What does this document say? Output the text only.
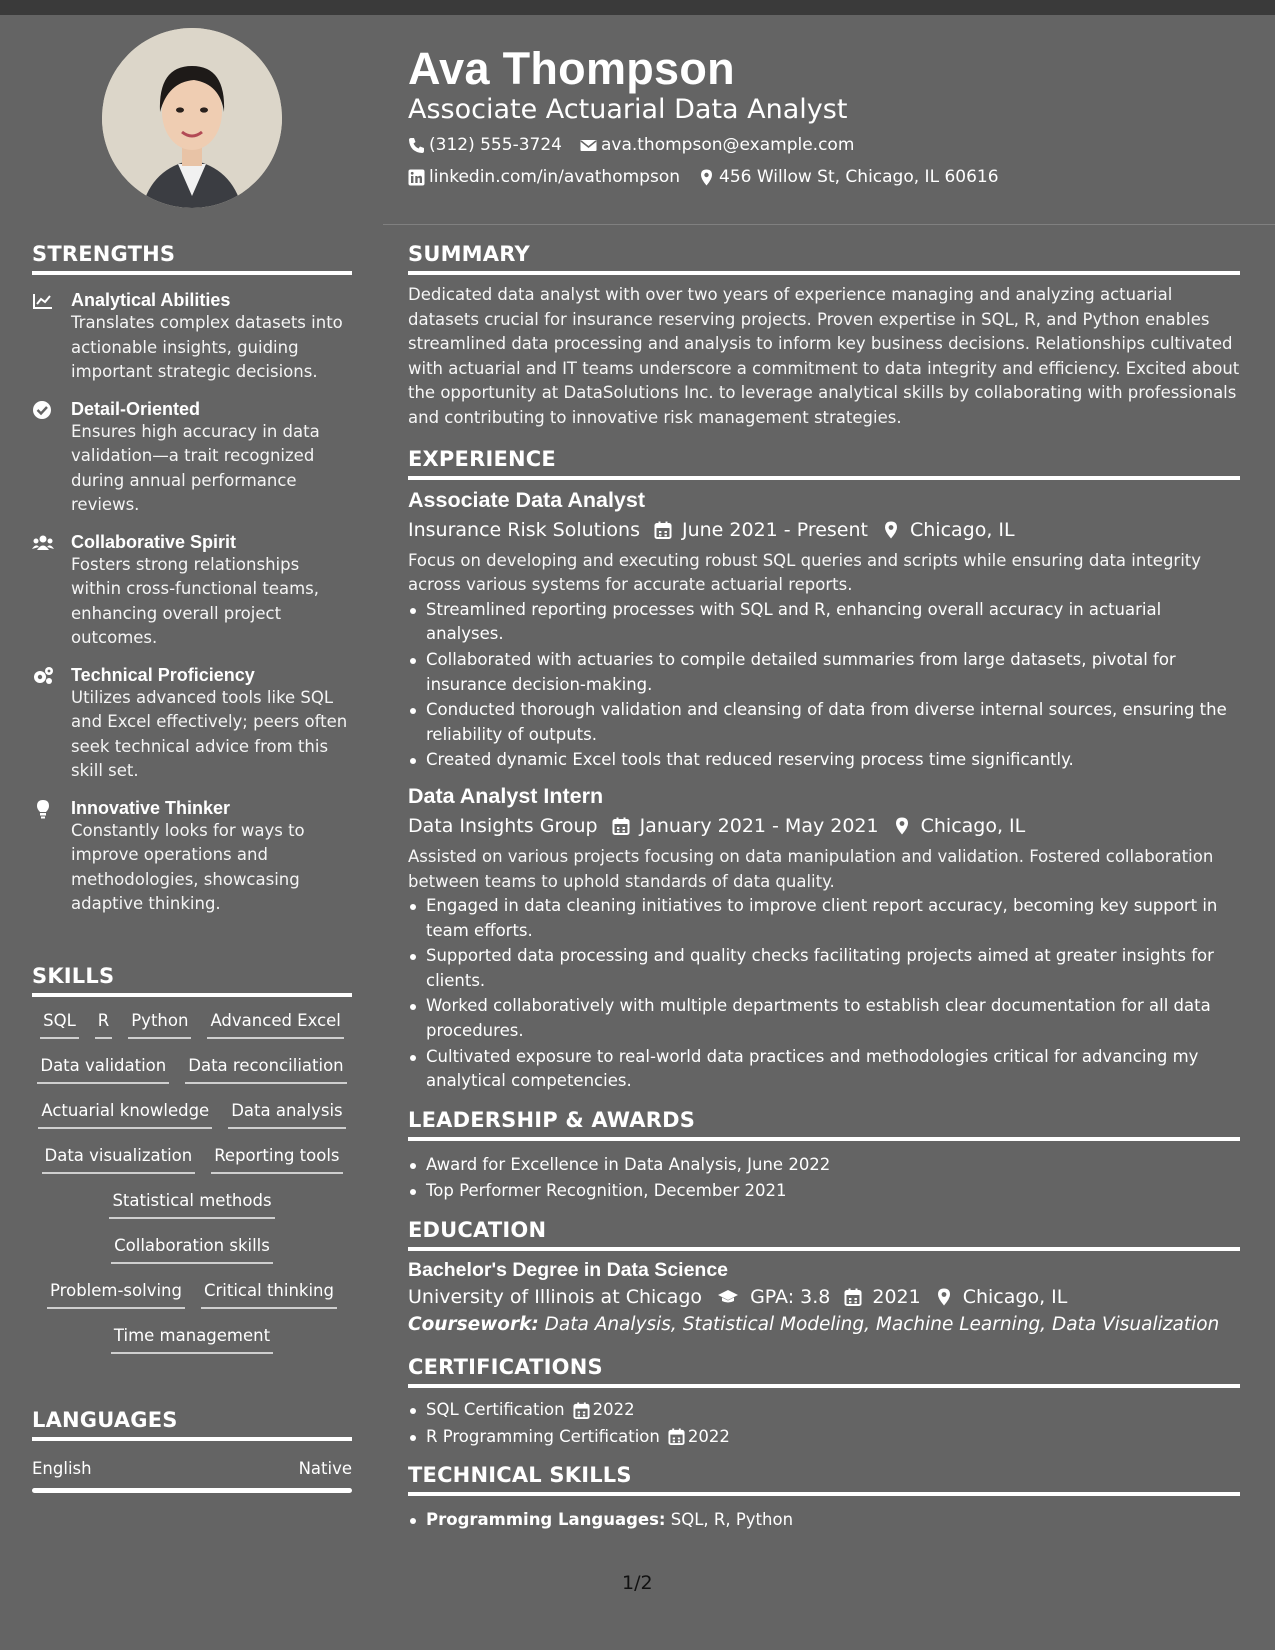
STRENGTHS
Analytical Abilities
Translates complex datasets into actionable insights, guiding important strategic decisions.
Detail-Oriented
Ensures high accuracy in data validation—a trait recognized during annual performance reviews.
Collaborative Spirit
Fosters strong relationships within cross-functional teams, enhancing overall project outcomes.
Technical Proficiency
Utilizes advanced tools like SQL and Excel effectively; peers often seek technical advice from this skill set.
Innovative Thinker
Constantly looks for ways to improve operations and methodologies, showcasing adaptive thinking.
SKILLS
SQL R Python Advanced Excel
Data validation Data reconciliation
Actuarial knowledge Data analysis
Data visualization Reporting tools
Statistical methods
Collaboration skills
Problem-solving Critical thinking
Time management
LANGUAGES
English	Native
Ava Thompson
Associate Actuarial Data Analyst
(312) 555-3724 ava.thompson@example.com
linkedin.com/in/avathompson 456 Willow St, Chicago, IL 60616
SUMMARY
Dedicated data analyst with over two years of experience managing and analyzing actuarial datasets crucial for insurance reserving projects. Proven expertise in SQL, R, and Python enables streamlined data processing and analysis to inform key business decisions. Relationships cultivated with actuarial and IT teams underscore a commitment to data integrity and efficiency. Excited about the opportunity at DataSolutions Inc. to leverage analytical skills by collaborating with professionals and contributing to innovative risk management strategies.
EXPERIENCE
Associate Data Analyst
Insurance Risk Solutions June 2021 - Present Chicago, IL
Focus on developing and executing robust SQL queries and scripts while ensuring data integrity across various systems for accurate actuarial reports.
Streamlined reporting processes with SQL and R, enhancing overall accuracy in actuarial analyses.
Collaborated with actuaries to compile detailed summaries from large datasets, pivotal for insurance decision-making.
Conducted thorough validation and cleansing of data from diverse internal sources, ensuring the reliability of outputs.
Created dynamic Excel tools that reduced reserving process time significantly.
Data Analyst Intern
Data Insights Group January 2021 - May 2021 Chicago, IL
Assisted on various projects focusing on data manipulation and validation. Fostered collaboration between teams to uphold standards of data quality.
Engaged in data cleaning initiatives to improve client report accuracy, becoming key support in team efforts.
Supported data processing and quality checks facilitating projects aimed at greater insights for clients.
Worked collaboratively with multiple departments to establish clear documentation for all data procedures.
Cultivated exposure to real-world data practices and methodologies critical for advancing my analytical competencies.
LEADERSHIP & AWARDS
Award for Excellence in Data Analysis, June 2022
Top Performer Recognition, December 2021
EDUCATION
Bachelor's Degree in Data Science
University of Illinois at Chicago	GPA: 3.8 2021 Chicago, IL
Coursework: Data Analysis, Statistical Modeling, Machine Learning, Data Visualization
CERTIFICATIONS
SQL Certification 2022
R Programming Certification 2022
TECHNICAL SKILLS
Programming Languages: SQL, R, Python
1/2
